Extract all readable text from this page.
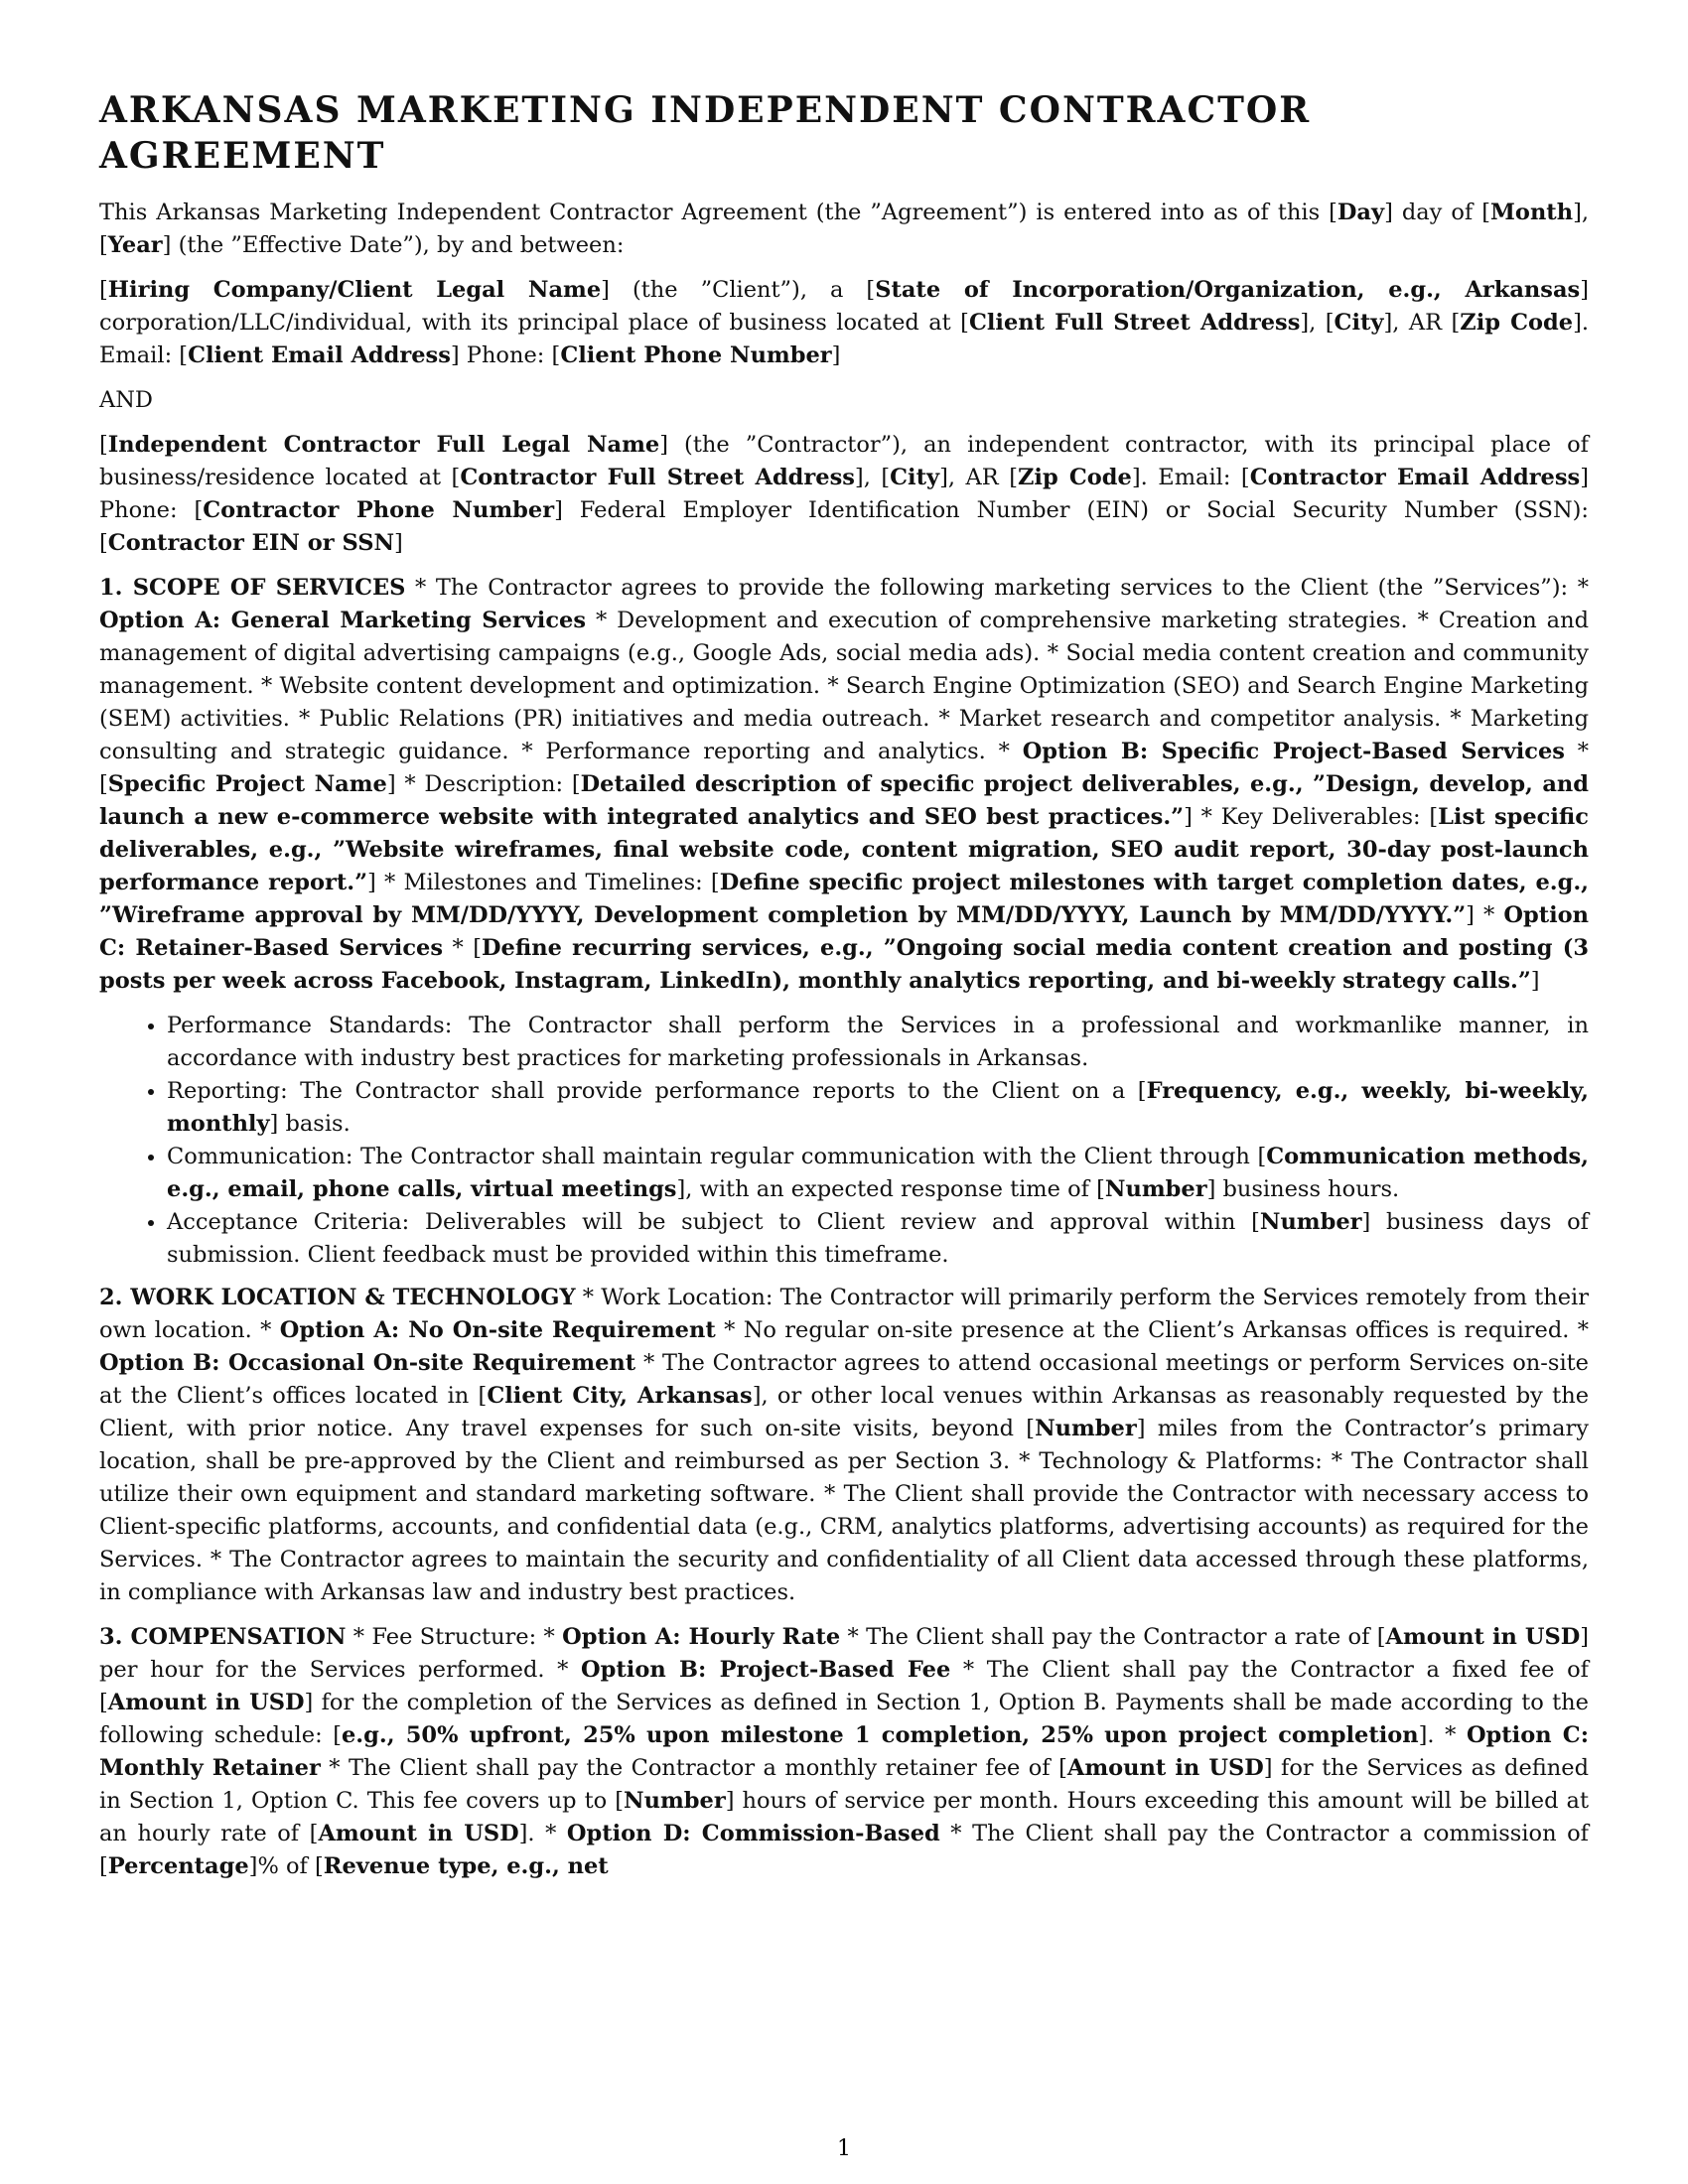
ARKANSAS MARKETING INDEPENDENT CONTRACTOR AGREEMENT

This Arkansas Marketing Independent Contractor Agreement (the ”Agreement”) is entered into as of this [Day] day of [Month], [Year] (the ”Effective Date”), by and between:

[Hiring Company/Client Legal Name] (the ”Client”), a [State of Incorporation/Organization, e.g., Arkansas] corporation/LLC/individual, with its principal place of business located at [Client Full Street Address], [City], AR [Zip Code]. Email: [Client Email Address] Phone: [Client Phone Number]

AND

[Independent Contractor Full Legal Name] (the ”Contractor”), an independent contractor, with its principal place of business/residence located at [Contractor Full Street Address], [City], AR [Zip Code]. Email: [Contractor Email Address] Phone: [Contractor Phone Number] Federal Employer Identification Number (EIN) or Social Security Number (SSN): [Contractor EIN or SSN]

1. SCOPE OF SERVICES * The Contractor agrees to provide the following marketing services to the Client (the ”Services”): * Option A: General Marketing Services * Development and execution of comprehensive marketing strategies. * Creation and management of digital advertising campaigns (e.g., Google Ads, social media ads). * Social media content creation and community management. * Website content development and optimization. * Search Engine Optimization (SEO) and Search Engine Marketing (SEM) activities. * Public Relations (PR) initiatives and media outreach. * Market research and competitor analysis. * Marketing consulting and strategic guidance. * Performance reporting and analytics. * Option B: Specific Project-Based Services * [Specific Project Name] * Description: [Detailed description of specific project deliverables, e.g., ”Design, develop, and launch a new e-commerce website with integrated analytics and SEO best practices.”] * Key Deliverables: [List specific deliverables, e.g., ”Website wireframes, final website code, content migration, SEO audit report, 30-day post-launch performance report.”] * Milestones and Timelines: [Define specific project milestones with target completion dates, e.g., ”Wireframe approval by MM/DD/YYYY, Development completion by MM/DD/YYYY, Launch by MM/DD/YYYY.”] * Option C: Retainer-Based Services * [Define recurring services, e.g., ”Ongoing social media content creation and posting (3 posts per week across Facebook, Instagram, LinkedIn), monthly analytics reporting, and bi-weekly strategy calls.”]

• Performance Standards: The Contractor shall perform the Services in a professional and workmanlike manner, in accordance with industry best practices for marketing professionals in Arkansas.
• Reporting: The Contractor shall provide performance reports to the Client on a [Frequency, e.g., weekly, bi-weekly, monthly] basis.
• Communication: The Contractor shall maintain regular communication with the Client through [Communication methods, e.g., email, phone calls, virtual meetings], with an expected response time of [Number] business hours.
• Acceptance Criteria: Deliverables will be subject to Client review and approval within [Number] business days of submission. Client feedback must be provided within this timeframe.

2. WORK LOCATION & TECHNOLOGY * Work Location: The Contractor will primarily perform the Services remotely from their own location. * Option A: No On-site Requirement * No regular on-site presence at the Client’s Arkansas offices is required. * Option B: Occasional On-site Requirement * The Contractor agrees to attend occasional meetings or perform Services on-site at the Client’s offices located in [Client City, Arkansas], or other local venues within Arkansas as reasonably requested by the Client, with prior notice. Any travel expenses for such on-site visits, beyond [Number] miles from the Contractor’s primary location, shall be pre-approved by the Client and reimbursed as per Section 3. * Technology & Platforms: * The Contractor shall utilize their own equipment and standard marketing software. * The Client shall provide the Contractor with necessary access to Client-specific platforms, accounts, and confidential data (e.g., CRM, analytics platforms, advertising accounts) as required for the Services. * The Contractor agrees to maintain the security and confidentiality of all Client data accessed through these platforms, in compliance with Arkansas law and industry best practices.

3. COMPENSATION * Fee Structure: * Option A: Hourly Rate * The Client shall pay the Contractor a rate of [Amount in USD] per hour for the Services performed. * Option B: Project-Based Fee * The Client shall pay the Contractor a fixed fee of [Amount in USD] for the completion of the Services as defined in Section 1, Option B. Payments shall be made according to the following schedule: [e.g., 50% upfront, 25% upon milestone 1 completion, 25% upon project completion]. * Option C: Monthly Retainer * The Client shall pay the Contractor a monthly retainer fee of [Amount in USD] for the Services as defined in Section 1, Option C. This fee covers up to [Number] hours of service per month. Hours exceeding this amount will be billed at an hourly rate of [Amount in USD]. * Option D: Commission-Based * The Client shall pay the Contractor a commission of [Percentage]% of [Revenue type, e.g., net

1
